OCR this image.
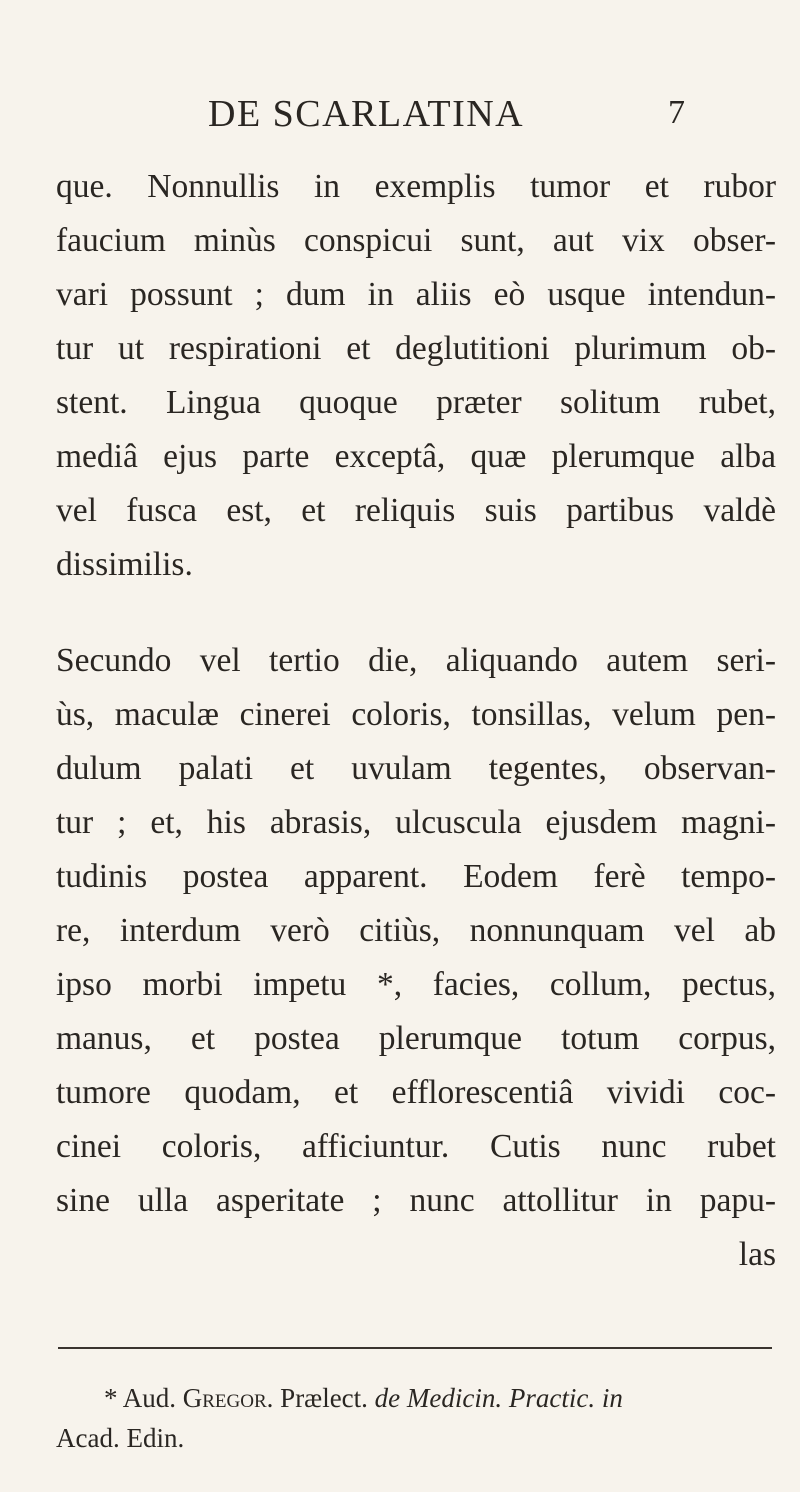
DE SCARLATINA	7
que. Nonnullis in exemplis tumor et rubor
faucium minùs conspicui sunt, aut vix obser-
vari possunt ; dum in aliis eò usque intendun-
tur ut respirationi et deglutitioni plurimum ob-
stent. Lingua quoque præter solitum rubet,
mediâ ejus parte exceptâ, quæ plerumque alba
vel fusca est, et reliquis suis partibus valdè
dissimilis.
Secundo vel tertio die, aliquando autem seri-
ùs, maculæ cinerei coloris, tonsillas, velum pen-
dulum palati et uvulam tegentes, observan-
tur ; et, his abrasis, ulcuscula ejusdem magni-
tudinis postea apparent. Eodem ferè tempo-
re, interdum verò citiùs, nonnunquam vel ab
ipso morbi impetu *, facies, collum, pectus,
manus, et postea plerumque totum corpus,
tumore quodam, et efflorescentiâ vividi coc-
cinei coloris, afficiuntur. Cutis nunc rubet
sine ulla asperitate ; nunc attollitur in papu-
las
* Aud. Gregor. Prælect. de Medicin. Practic. in
Acad. Edin.
